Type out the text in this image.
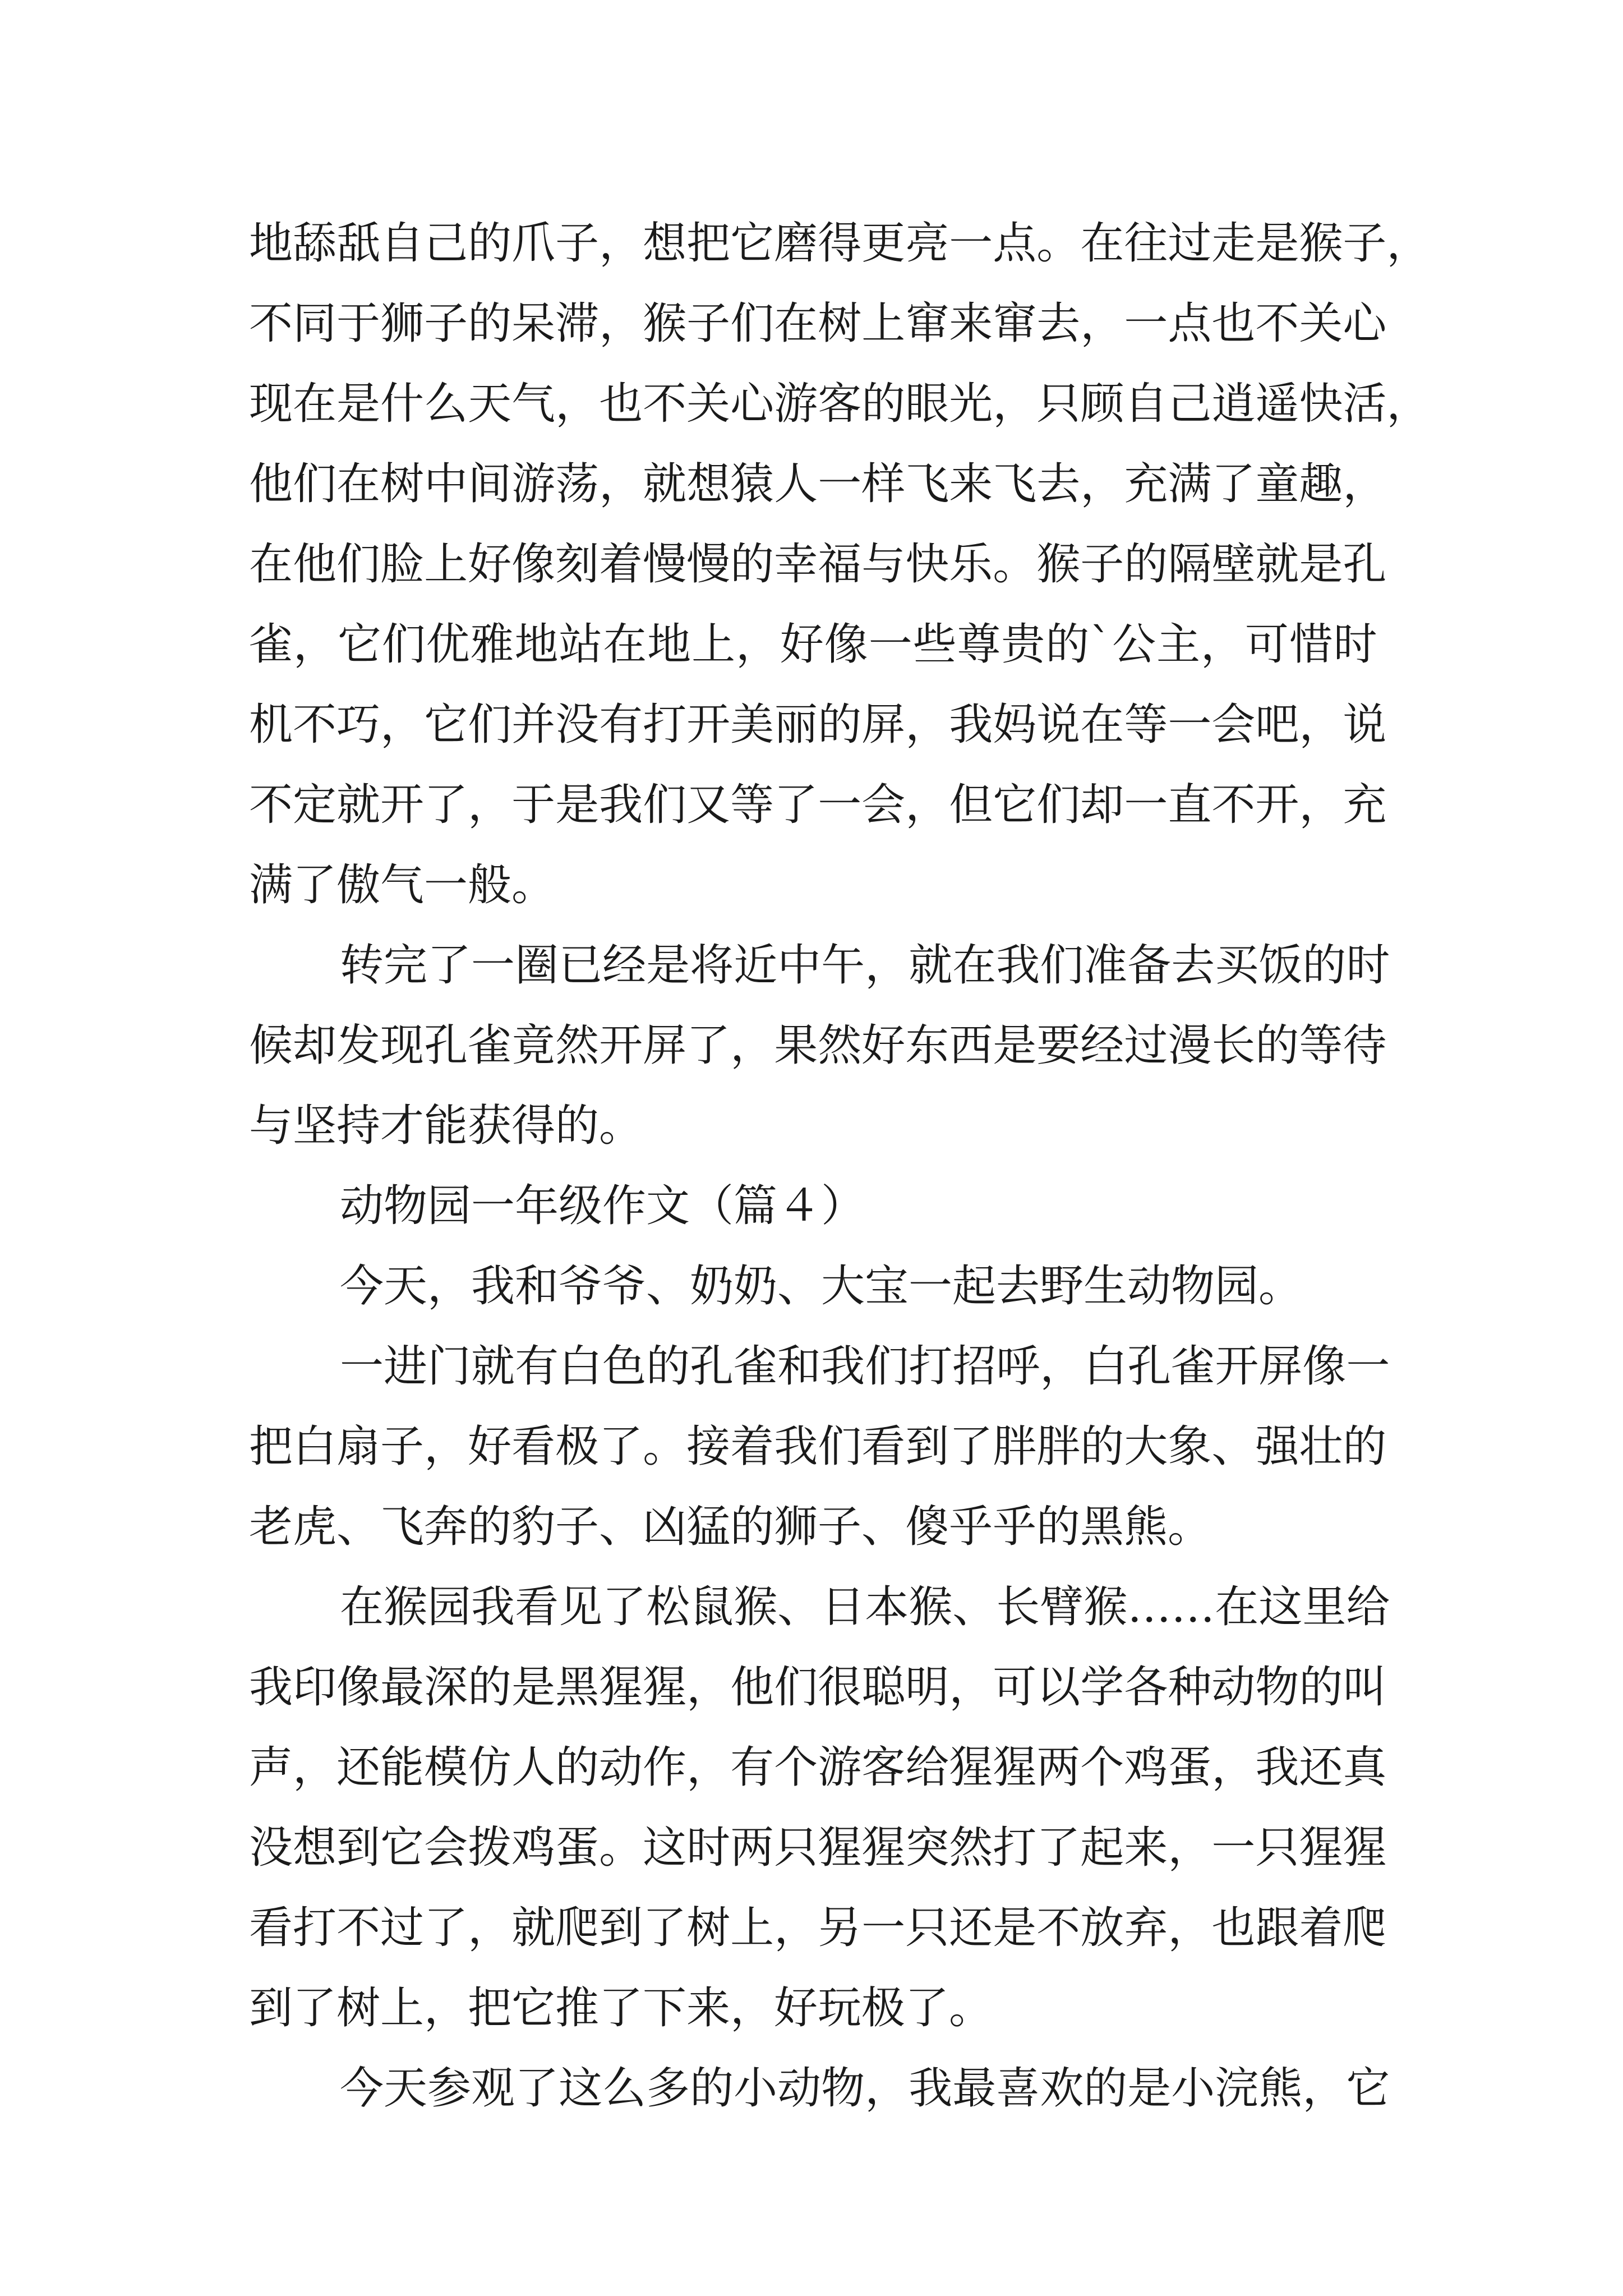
地 舔 舐 自 己 的 爪 子 ， 想 把 它 磨 得 更 亮 一 点 。 在 往 过 走 是 猴 子 ，
不 同 于 狮 子 的 呆 滞 ， 猴 子 们 在 树 上 窜 来 窜 去 ， 一 点 也 不 关 心
现 在 是 什 么 天 气 ， 也 不 关 心 游 客 的 眼 光 ， 只 顾 自 己 逍 遥 快 活 ，
他 们 在 树 中 间 游 荡 ， 就 想 猿 人 一 样 飞 来 飞 去 ， 充 满 了 童 趣 ，
在 他 们 脸 上 好 像 刻 着 慢 慢 的 幸 福 与 快 乐 。 猴 子 的 隔 壁 就 是 孔
雀 ， 它 们 优 雅 地 站 在 地 上 ， 好 像 一 些 尊 贵 的 ` 公 主 ， 可 惜 时
机 不 巧 ， 它 们 并 没 有 打 开 美 丽 的 屏 ， 我 妈 说 在 等 一 会 吧 ， 说
不 定 就 开 了 ， 于 是 我 们 又 等 了 一 会 ， 但 它 们 却 一 直 不 开 ， 充
满了傲气一般。
转 完 了 一 圈 已 经 是 将 近 中 午 ， 就 在 我 们 准 备 去 买 饭 的 时
候 却 发 现 孔 雀 竟 然 开 屏 了 ， 果 然 好 东 西 是 要 经 过 漫 长 的 等 待
与坚持才能获得的。
动物园一年级作文（篇４）
今天，我和爷爷、奶奶、大宝一起去野生动物园。
一 进 门 就 有 白 色 的 孔 雀 和 我 们 打 招 呼 ， 白 孔 雀 开 屏 像 一
把 白 扇 子 ， 好 看 极 了 。 接 着 我 们 看 到 了 胖 胖 的 大 象 、 强 壮 的
老虎、飞奔的豹子、凶猛的狮子、傻乎乎的黑熊。
在 猴 园 我 看 见 了 松 鼠 猴 、 日 本 猴 、 长 臂 猴 … … 在 这 里 给
我 印 像 最 深 的 是 黑 猩 猩 ， 他 们 很 聪 明 ， 可 以 学 各 种 动 物 的 叫
声 ， 还 能 模 仿 人 的 动 作 ， 有 个 游 客 给 猩 猩 两 个 鸡 蛋 ， 我 还 真
没 想 到 它 会 拨 鸡 蛋 。 这 时 两 只 猩 猩 突 然 打 了 起 来 ， 一 只 猩 猩
看 打 不 过 了 ， 就 爬 到 了 树 上 ， 另 一 只 还 是 不 放 弃 ， 也 跟 着 爬
到了树上，把它推了下来，好玩极了。
今 天 参 观 了 这 么 多 的 小 动 物 ， 我 最 喜 欢 的 是 小 浣 熊 ， 它
